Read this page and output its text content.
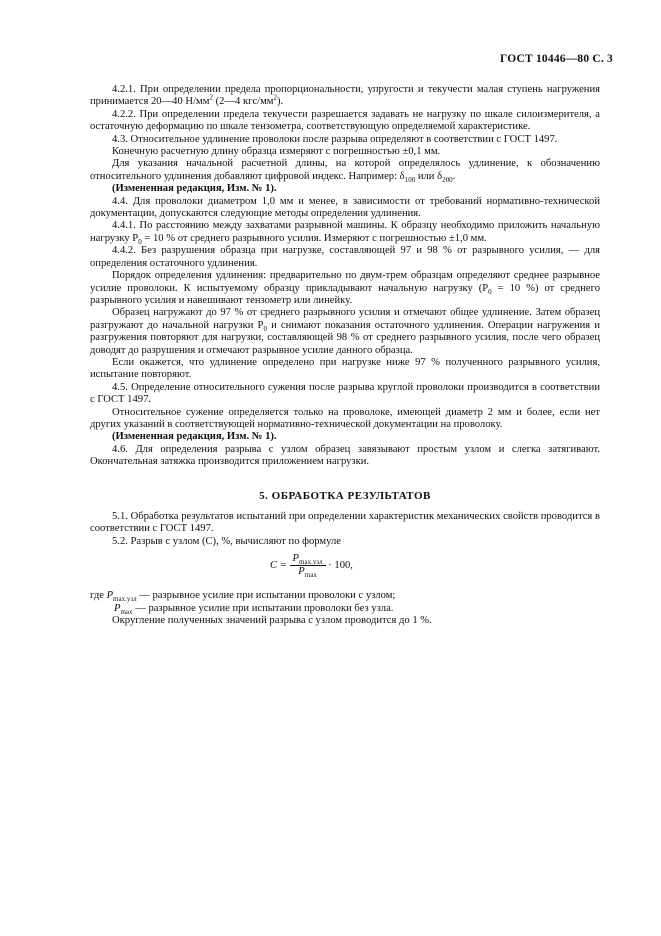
ГОСТ 10446—80 С. 3

4.2.1. При определении предела пропорциональности, упругости и текучести малая ступень нагружения принимается 20—40 $Н/мм^2$ (2—4 кгс/$мм^2$).

4.2.2. При определении предела текучести разрешается задавать не нагрузку по шкале силоизмерителя, а остаточную деформацию по шкале тензометра, соответствующую определяемой характеристике.

4.3. Относительное удлинение проволоки после разрыва определяют в соответствии с ГОСТ 1497.

Конечную расчетную длину образца измеряют с погрешностью ±0,1 мм.

Для указания начальной расчетной длины, на которой определялось удлинение, к обозначению относительного удлинения добавляют цифровой индекс. Например: $\delta_{100}$ или $\delta_{200}$.

(Измененная редакция, Изм. № 1).

4.4. Для проволоки диаметром 1,0 мм и менее, в зависимости от требований нормативно-технической документации, допускаются следующие методы определения удлинения.

4.4.1. По расстоянию между захватами разрывной машины. К образцу необходимо приложить начальную нагрузку $P_0 = 10$ % от среднего разрывного усилия. Измеряют с погрешностью ±1,0 мм.

4.4.2. Без разрушения образца при нагрузке, составляющей 97 и 98 % от разрывного усилия, — для определения остаточного удлинения.

Порядок определения удлинения: предварительно по двум-трем образцам определяют среднее разрывное усилие проволоки. К испытуемому образцу прикладывают начальную нагрузку ($P_0 = 10$ %) от среднего разрывного усилия и навешивают тензометр или линейку.

Образец нагружают до 97 % от среднего разрывного усилия и отмечают общее удлинение. Затем образец разгружают до начальной нагрузки $P_0$ и снимают показания остаточного удлинения. Операции нагружения и разгружения повторяют для нагрузки, составляющей 98 % от среднего разрывного усилия, после чего образец доводят до разрушения и отмечают разрывное усилие данного образца.

Если окажется, что удлинение определено при нагрузке ниже 97 % полученного разрывного усилия, испытание повторяют.

4.5. Определение относительного сужения после разрыва круглой проволоки производится в соответствии с ГОСТ 1497.

Относительное сужение определяется только на проволоке, имеющей диаметр 2 мм и более, если нет других указаний в соответствующей нормативно-технической документации на проволоку.

(Измененная редакция, Изм. № 1).

4.6. Для определения разрыва с узлом образец завязывают простым узлом и слегка затягивают. Окончательная затяжка производится приложением нагрузки.

5. ОБРАБОТКА РЕЗУЛЬТАТОВ

5.1. Обработка результатов испытаний при определении характеристик механических свойств проводится в соответствии с ГОСТ 1497.

5.2. Разрыв с узлом (C), %, вычисляют по формуле

$C = \frac{P_{max.узл}}{P_{max}} \cdot 100$,

где $P_{max.узл}$ — разрывное усилие при испытании проволоки с узлом;

$P_{max}$ — разрывное усилие при испытании проволоки без узла.

Округление полученных значений разрыва с узлом проводится до 1 %.
